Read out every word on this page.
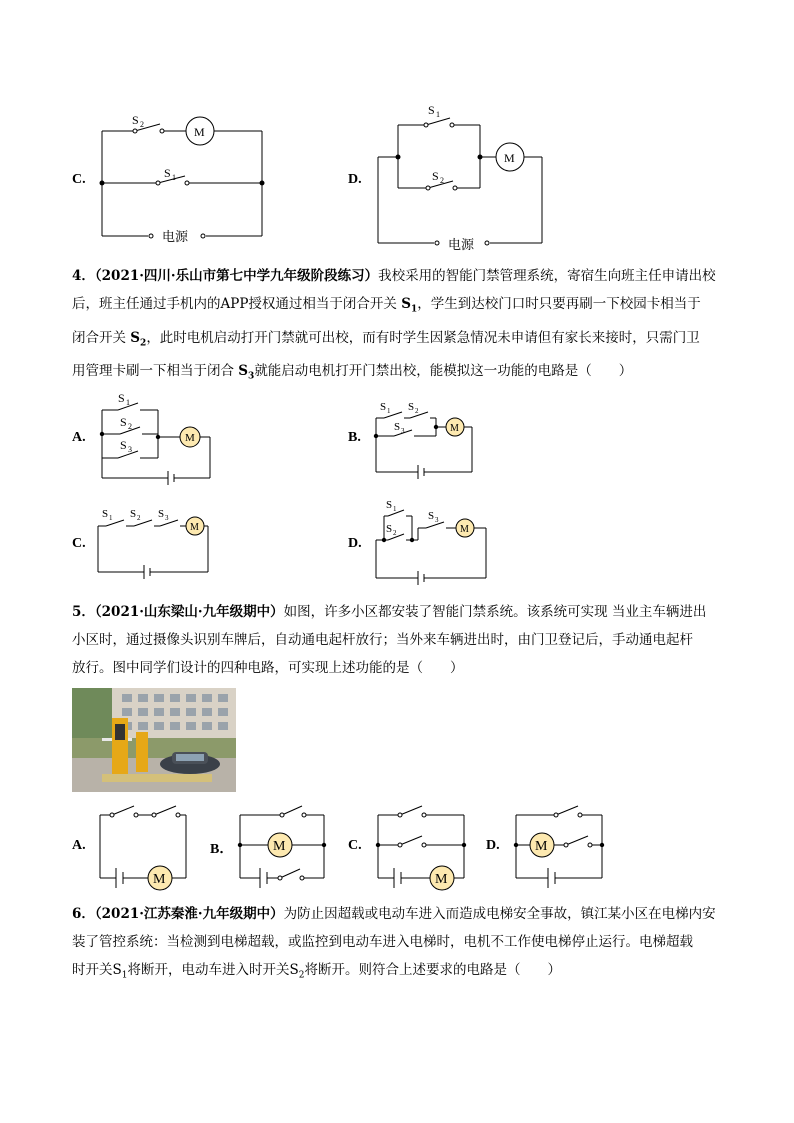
C.
S 2
S 1
M
电源
D.
S 1
S 2
M
电源
4．（2021·四川·乐山市第七中学九年级阶段练习）我校采用的智能门禁管理系统，寄宿生向班主任申请出校
后，班主任通过手机内的APP授权通过相当于闭合开关 $S_1$，学生到达校门口时只要再刷一下校园卡相当于
闭合开关 $S_2$，此时电机启动打开门禁就可出校，而有时学生因紧急情况未申请但有家长来接时，只需门卫
用管理卡刷一下相当于闭合 $S_3$就能启动电机打开门禁出校，能模拟这一功能的电路是（　　）
A.
S 1
S 2
S 3
M	B.
S 1 S 2
S 3	M
C.
S 1 S 2 S 3
M
D.
S 1
S 2
S 3
M
5．（2021·山东梁山·九年级期中）如图，许多小区都安装了智能门禁系统。该系统可实现 当业主车辆进出
小区时，通过摄像头识别车牌后，自动通电起杆放行；当外来车辆进出时，由门卫登记后，手动通电起杆
放行。图中同学们设计的四种电路，可实现上述功能的是（　　）
A.
M
B．	M	C.
M
D.	M
6．（2021·江苏秦淮·九年级期中）为防止因超载或电动车进入而造成电梯安全事故，镇江某小区在电梯内安
装了管控系统：当检测到电梯超载，或监控到电动车进入电梯时，电机不工作使电梯停止运行。电梯超载
时开关$S_1$将断开，电动车进入时开关$S_2$将断开。则符合上述要求的电路是（　　）
